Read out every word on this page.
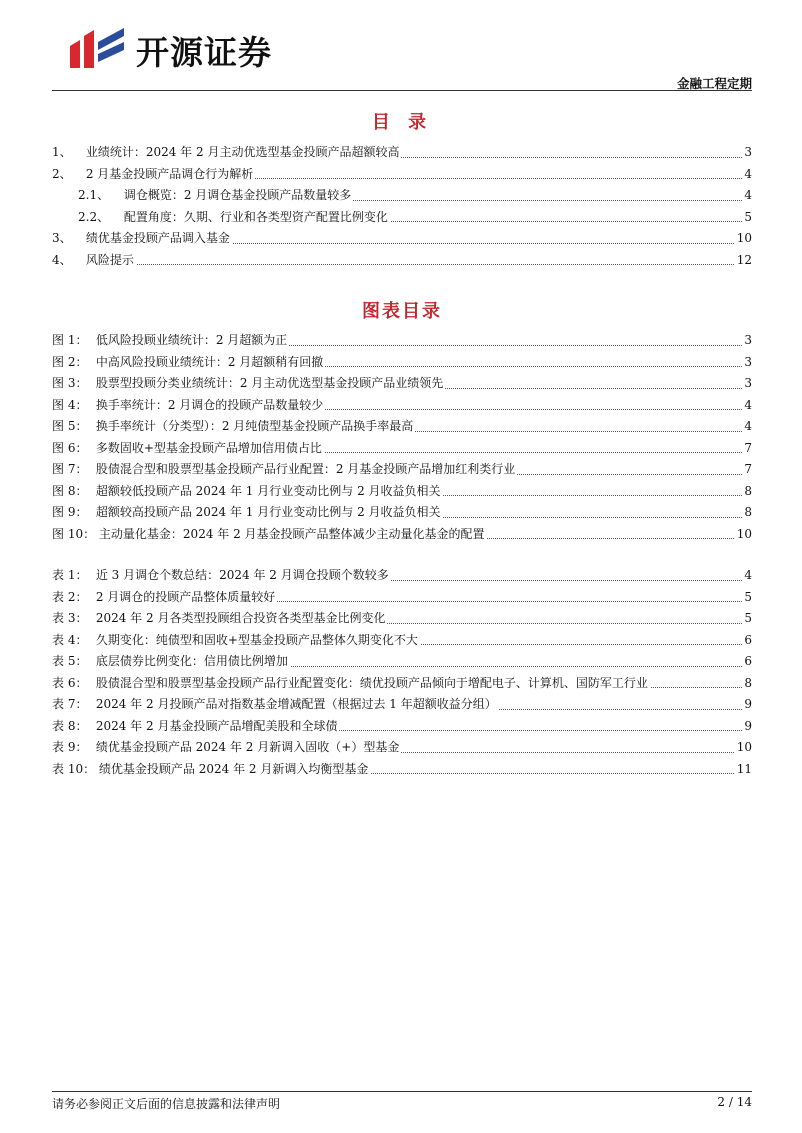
开源证券
金融工程定期
目 录
1、 业绩统计：2024 年 2 月主动优选型基金投顾产品超额较高	3
2、 2 月基金投顾产品调仓行为解析	4
2.1、 调仓概览：2 月调仓基金投顾产品数量较多	4
2.2、 配置角度：久期、行业和各类型资产配置比例变化	5
3、 绩优基金投顾产品调入基金	10
4、 风险提示	12
图表目录
图 1： 低风险投顾业绩统计：2 月超额为正	3
图 2： 中高风险投顾业绩统计：2 月超额稍有回撤	3
图 3： 股票型投顾分类业绩统计：2 月主动优选型基金投顾产品业绩领先	3
图 4： 换手率统计：2 月调仓的投顾产品数量较少	4
图 5： 换手率统计（分类型）：2 月纯债型基金投顾产品换手率最高	4
图 6： 多数固收+型基金投顾产品增加信用债占比	7
图 7： 股债混合型和股票型基金投顾产品行业配置：2 月基金投顾产品增加红利类行业	7
图 8： 超额较低投顾产品 2024 年 1 月行业变动比例与 2 月收益负相关	8
图 9： 超额较高投顾产品 2024 年 1 月行业变动比例与 2 月收益负相关	8
图 10： 主动量化基金：2024 年 2 月基金投顾产品整体减少主动量化基金的配置	10
表 1： 近 3 月调仓个数总结：2024 年 2 月调仓投顾个数较多	4
表 2： 2 月调仓的投顾产品整体质量较好	5
表 3： 2024 年 2 月各类型投顾组合投资各类型基金比例变化	5
表 4： 久期变化：纯债型和固收+型基金投顾产品整体久期变化不大	6
表 5： 底层债券比例变化：信用债比例增加	6
表 6： 股债混合型和股票型基金投顾产品行业配置变化：绩优投顾产品倾向于增配电子、计算机、国防军工行业	8
表 7： 2024 年 2 月投顾产品对指数基金增减配置（根据过去 1 年超额收益分组）	9
表 8： 2024 年 2 月基金投顾产品增配美股和全球债	9
表 9： 绩优基金投顾产品 2024 年 2 月新调入固收（+）型基金	10
表 10： 绩优基金投顾产品 2024 年 2 月新调入均衡型基金	11
请务必参阅正文后面的信息披露和法律声明	2 / 14
